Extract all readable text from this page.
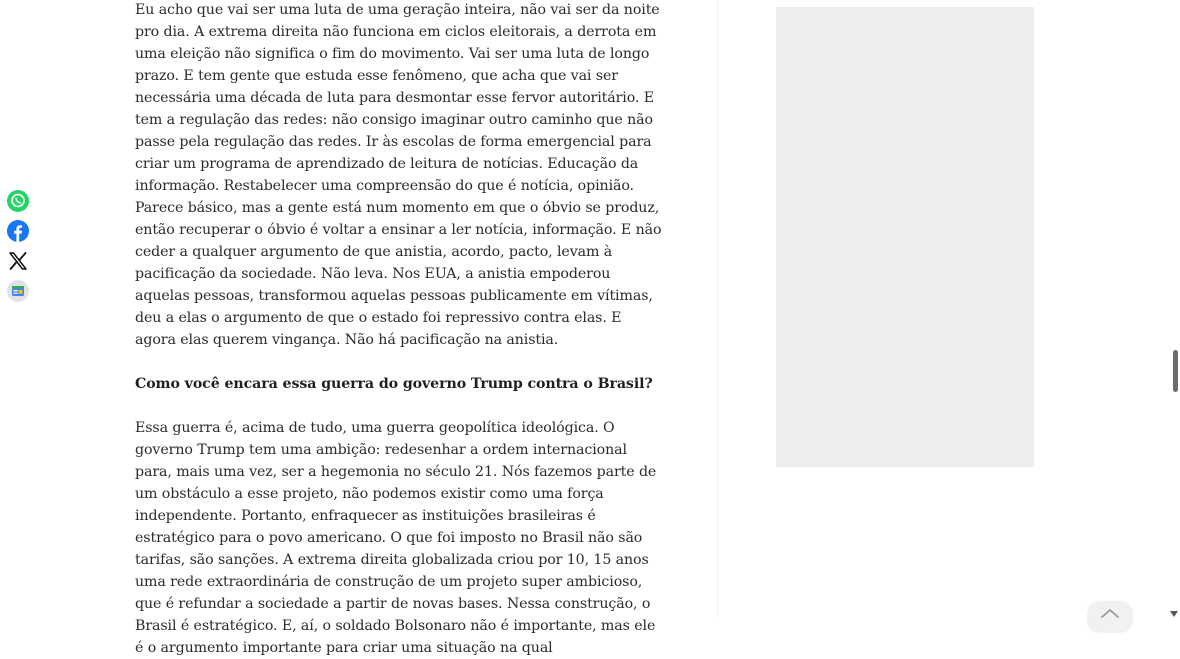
Eu acho que vai ser uma luta de uma geração inteira, não vai ser da noite pro dia. A extrema direita não funciona em ciclos eleitorais, a derrota em uma eleição não significa o fim do movimento. Vai ser uma luta de longo prazo. E tem gente que estuda esse fenômeno, que acha que vai ser necessária uma década de luta para desmontar esse fervor autoritário. E tem a regulação das redes: não consigo imaginar outro caminho que não passe pela regulação das redes. Ir às escolas de forma emergencial para criar um programa de aprendizado de leitura de notícias. Educação da informação. Restabelecer uma compreensão do que é notícia, opinião. Parece básico, mas a gente está num momento em que o óbvio se produz, então recuperar o óbvio é voltar a ensinar a ler notícia, informação. E não ceder a qualquer argumento de que anistia, acordo, pacto, levam à pacificação da sociedade. Não leva. Nos EUA, a anistia empoderou aquelas pessoas, transformou aquelas pessoas publicamente em vítimas, deu a elas o argumento de que o estado foi repressivo contra elas. E agora elas querem vingança. Não há pacificação na anistia.

Como você encara essa guerra do governo Trump contra o Brasil?

Essa guerra é, acima de tudo, uma guerra geopolítica ideológica. O governo Trump tem uma ambição: redesenhar a ordem internacional para, mais uma vez, ser a hegemonia no século 21. Nós fazemos parte de um obstáculo a esse projeto, não podemos existir como uma força independente. Portanto, enfraquecer as instituições brasileiras é estratégico para o povo americano. O que foi imposto no Brasil não são tarifas, são sanções. A extrema direita globalizada criou por 10, 15 anos uma rede extraordinária de construção de um projeto super ambicioso, que é refundar a sociedade a partir de novas bases. Nessa construção, o Brasil é estratégico. E, aí, o soldado Bolsonaro não é importante, mas ele é o argumento importante para criar uma situação na qual
